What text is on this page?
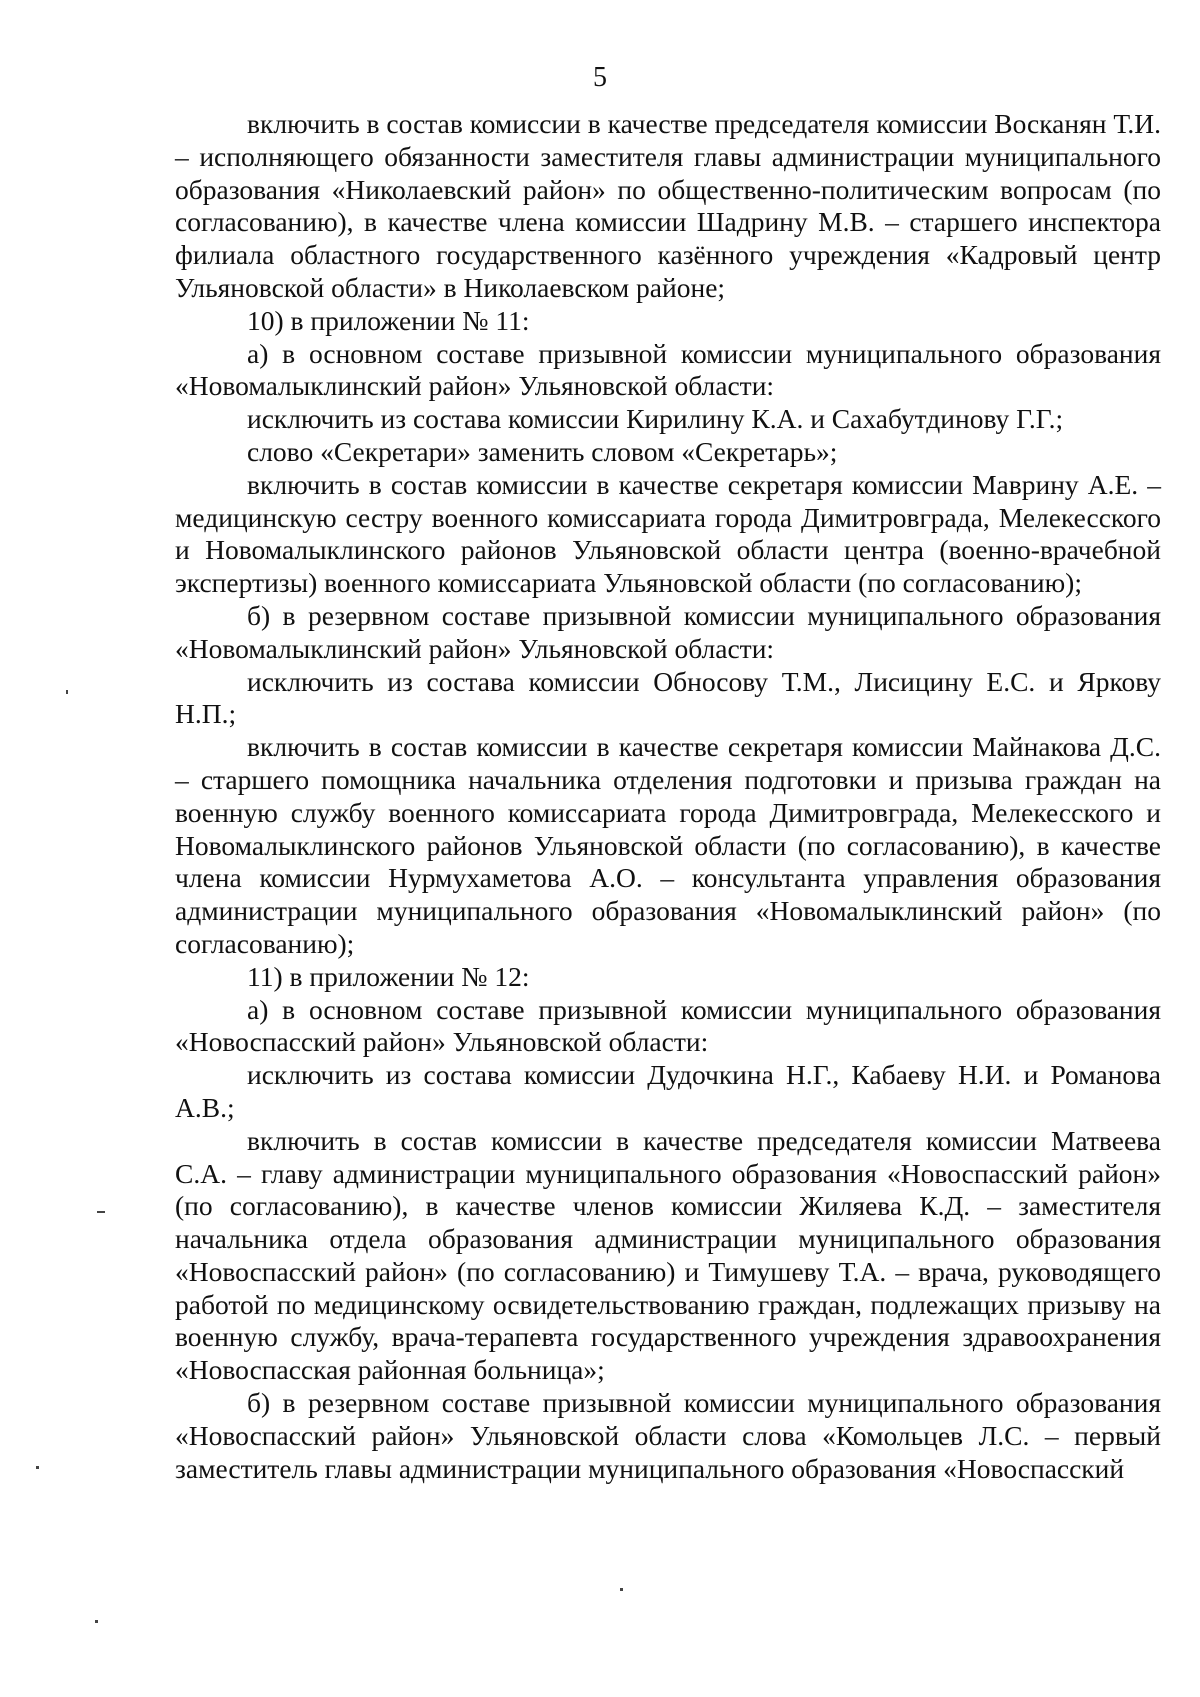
5

включить в состав комиссии в качестве председателя комиссии Восканян Т.И. – исполняющего обязанности заместителя главы администрации муниципального образования «Николаевский район» по общественно-политическим вопросам (по согласованию), в качестве члена комиссии Шадрину М.В. – старшего инспектора филиала областного государственного казённого учреждения «Кадровый центр Ульяновской области» в Николаевском районе;

10) в приложении № 11:

а) в основном составе призывной комиссии муниципального образования «Новомалыклинский район» Ульяновской области:

исключить из состава комиссии Кирилину К.А. и Сахабутдинову Г.Г.;

слово «Секретари» заменить словом «Секретарь»;

включить в состав комиссии в качестве секретаря комиссии Маврину А.Е. – медицинскую сестру военного комиссариата города Димитровграда, Мелекесского и Новомалыклинского районов Ульяновской области центра (военно-врачебной экспертизы) военного комиссариата Ульяновской области (по согласованию);

б) в резервном составе призывной комиссии муниципального образования «Новомалыклинский район» Ульяновской области:

исключить из состава комиссии Обносову Т.М., Лисицину Е.С. и Яркову Н.П.;

включить в состав комиссии в качестве секретаря комиссии Майнакова Д.С. – старшего помощника начальника отделения подготовки и призыва граждан на военную службу военного комиссариата города Димитровграда, Мелекесского и Новомалыклинского районов Ульяновской области (по согласованию), в качестве члена комиссии Нурмухаметова А.О. – консультанта управления образования администрации муниципального образования «Новомалыклинский район» (по согласованию);

11) в приложении № 12:

а) в основном составе призывной комиссии муниципального образования «Новоспасский район» Ульяновской области:

исключить из состава комиссии Дудочкина Н.Г., Кабаеву Н.И. и Романова А.В.;

включить в состав комиссии в качестве председателя комиссии Матвеева С.А. – главу администрации муниципального образования «Новоспасский район» (по согласованию), в качестве членов комиссии Жиляева К.Д. – заместителя начальника отдела образования администрации муниципального образования «Новоспасский район» (по согласованию) и Тимушеву Т.А. – врача, руководящего работой по медицинскому освидетельствованию граждан, подлежащих призыву на военную службу, врача-терапевта государственного учреждения здравоохранения «Новоспасская районная больница»;

б) в резервном составе призывной комиссии муниципального образования «Новоспасский район» Ульяновской области слова «Комольцев Л.С. – первый заместитель главы администрации муниципального образования «Новоспасский
